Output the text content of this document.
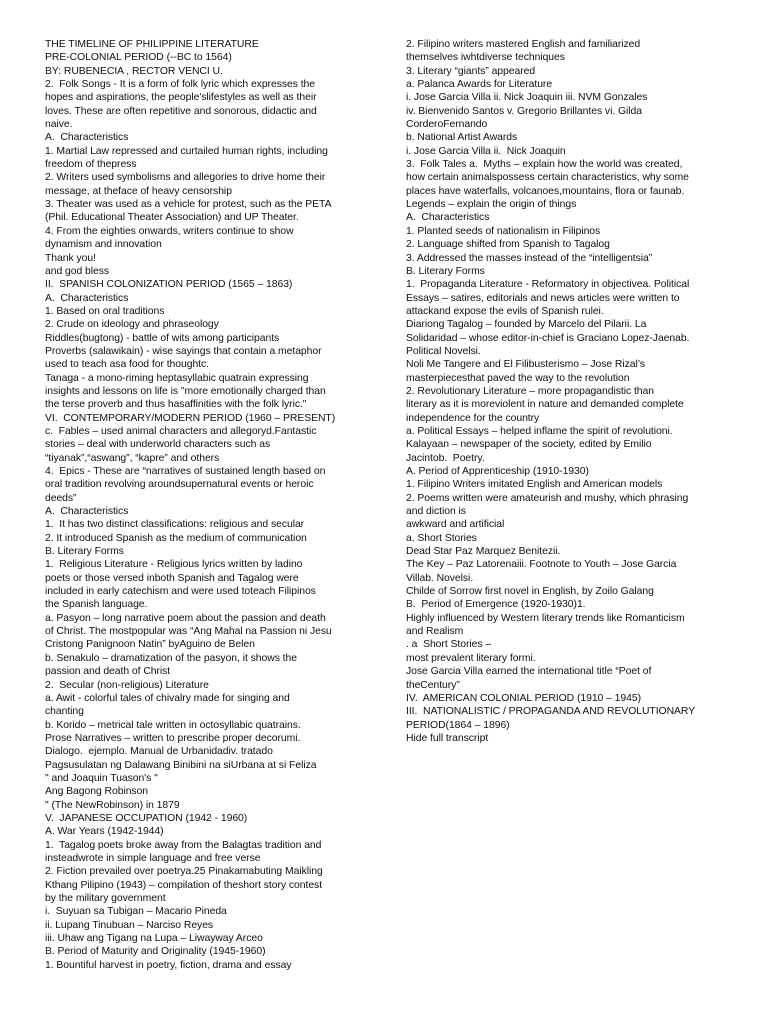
THE TIMELINE OF PHILIPPINE LITERATURE
PRE-COLONIAL PERIOD (--BC to 1564)
BY: RUBENECIA , RECTOR VENCI U.
2.  Folk Songs - It is a form of folk lyric which expresses the
hopes and aspirations, the people'slifestyles as well as their
loves. These are often repetitive and sonorous, didactic and
naive.
A.  Characteristics
1. Martial Law repressed and curtailed human rights, including
freedom of thepress
2. Writers used symbolisms and allegories to drive home their
message, at theface of heavy censorship
3. Theater was used as a vehicle for protest, such as the PETA
(Phil. Educational Theater Association) and UP Theater.
4. From the eighties onwards, writers continue to show
dynamism and innovation
Thank you!
and god bless
II.  SPANISH COLONIZATION PERIOD (1565 – 1863)
A.  Characteristics
1. Based on oral traditions
2. Crude on ideology and phraseology
Riddles(bugtong) - battle of wits among participants
Proverbs (salawikain) - wise sayings that contain a metaphor
used to teach asa food for thoughtc.
Tanaga - a mono-riming heptasyllabic quatrain expressing
insights and lessons on life is "more emotionally charged than
the terse proverb and thus hasaffinities with the folk lyric."
VI.  CONTEMPORARY/MODERN PERIOD (1960 – PRESENT)
c.  Fables – used animal characters and allegoryd.Fantastic
stories – deal with underworld characters such as
“tiyanak”,“aswang”, “kapre” and others
4.  Epics - These are “narratives of sustained length based on
oral tradition revolving aroundsupernatural events or heroic
deeds”
A.  Characteristics
1.  It has two distinct classifications: religious and secular
2. It introduced Spanish as the medium of communication
B. Literary Forms
1.  Religious Literature - Religious lyrics written by ladino
poets or those versed inboth Spanish and Tagalog were
included in early catechism and were used toteach Filipinos
the Spanish language.
a. Pasyon – long narrative poem about the passion and death
of Christ. The mostpopular was “Ang Mahal na Passion ni Jesu
Cristong Panignoon Natin” byAguino de Belen
b. Senakulo – dramatization of the pasyon, it shows the
passion and death of Christ
2.  Secular (non-religious) Literature
a. Awit - colorful tales of chivalry made for singing and
chanting
b. Korido – metrical tale written in octosyllabic quatrains.
Prose Narratives – written to prescribe proper decorumi.
Dialogo.  ejemplo. Manual de Urbanidadiv. tratado
Pagsusulatan ng Dalawang Binibini na siUrbana at si Feliza
" and Joaquin Tuason's "
Ang Bagong Robinson
" (The NewRobinson) in 1879
V.  JAPANESE OCCUPATION (1942 - 1960)
A. War Years (1942-1944)
1.  Tagalog poets broke away from the Balagtas tradition and
insteadwrote in simple language and free verse
2. Fiction prevailed over poetrya.25 Pinakamabuting Maikling
Kthang Pilipino (1943) – compilation of theshort story contest
by the military government
i.  Suyuan sa Tubigan – Macario Pineda
ii. Lupang Tinubuan – Narciso Reyes
iii. Uhaw ang Tigang na Lupa – Liwayway Arceo
B. Period of Maturity and Originality (1945-1960)
1. Bountiful harvest in poetry, fiction, drama and essay
2. Filipino writers mastered English and familiarized
themselves iwhtdiverse techniques
3. Literary “giants” appeared
a. Palanca Awards for Literature
i. Jose Garcia Villa ii. Nick Joaquin iii. NVM Gonzales
iv. Bienvenido Santos v. Gregorio Brillantes vi. Gilda
CorderoFernando
b. National Artist Awards
i. Jose Garcia Villa ii.  Nick Joaquin
3.  Folk Tales a.  Myths – explain how the world was created,
how certain animalspossess certain characteristics, why some
places have waterfalls, volcanoes,mountains, flora or faunab.
Legends – explain the origin of things
A.  Characteristics
1. Planted seeds of nationalism in Filipinos
2. Language shifted from Spanish to Tagalog
3. Addressed the masses instead of the “intelligentsia”
B. Literary Forms
1.  Propaganda Literature - Reformatory in objectivea. Political
Essays – satires, editorials and news articles were written to
attackand expose the evils of Spanish rulei.
Diariong Tagalog – founded by Marcelo del Pilarii. La
Solidaridad – whose editor-in-chief is Graciano Lopez-Jaenab.
Political Novelsi.
Noli Me Tangere and El Filibusterismo – Jose Rizal’s
masterpiecesthat paved the way to the revolution
2. Revolutionary Literature – more propagandistic than
literary as it is moreviolent in nature and demanded complete
independence for the country
a. Political Essays – helped inflame the spirit of revolutioni.
Kalayaan – newspaper of the society, edited by Emilio
Jacintob.  Poetry.
A. Period of Apprenticeship (1910-1930)
1. Filipino Writers imitated English and American models
2. Poems written were amateurish and mushy, which phrasing
and diction is
awkward and artificial
a. Short Stories
Dead Star Paz Marquez Benitezii.
The Key – Paz Latorenaiii. Footnote to Youth – Jose Garcia
Villab. Novelsi.
Childe of Sorrow first novel in English, by Zoilo Galang
B.  Period of Emergence (1920-1930)1.
Highly influenced by Western literary trends like Romanticism
and Realism
. a  Short Stories –
most prevalent literary formi.
Jose Garcia Villa earned the international title “Poet of
theCentury”
IV.  AMERICAN COLONIAL PERIOD (1910 – 1945)
III.  NATIONALISTIC / PROPAGANDA AND REVOLUTIONARY
PERIOD(1864 – 1896)
Hide full transcript
